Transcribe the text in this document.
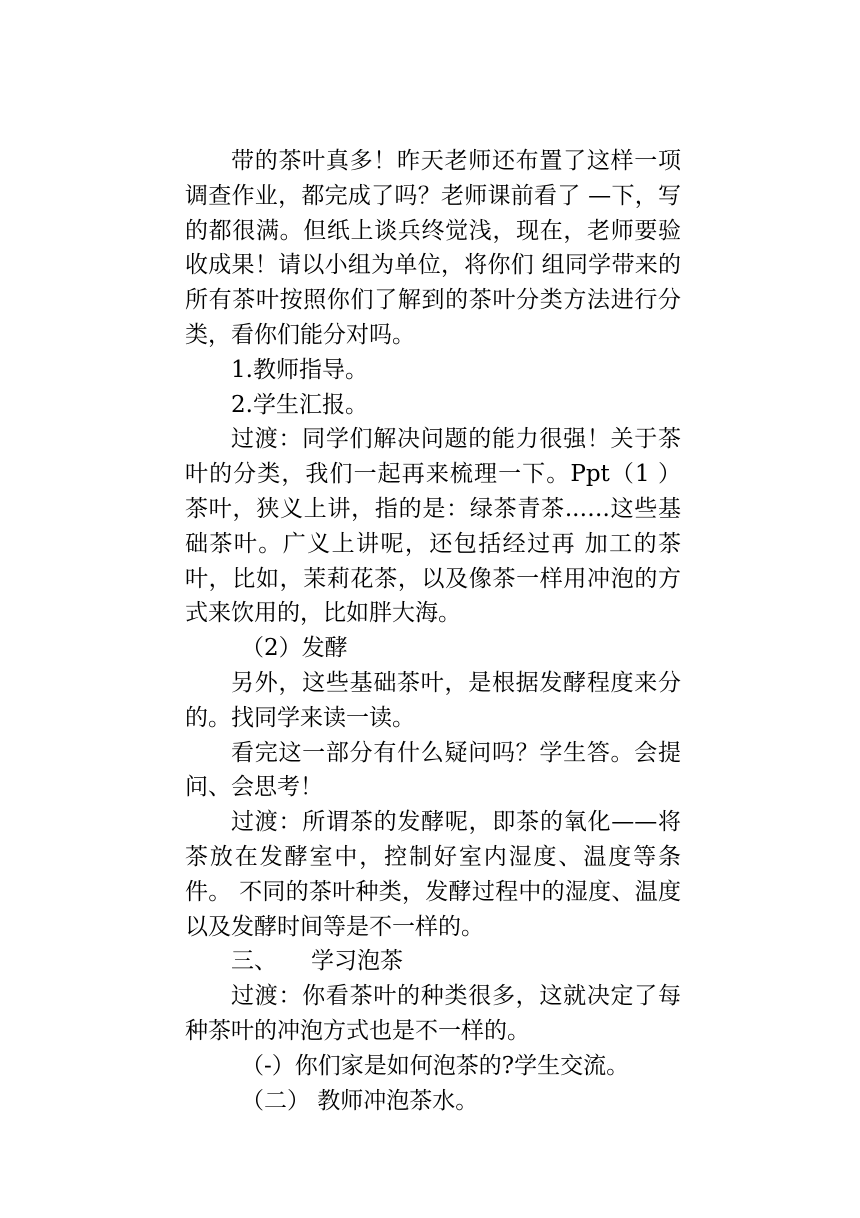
带的茶叶真多！昨天老师还布置了这样一项调查作业，都完成了吗？老师课前看了 —下，写的都很满。但纸上谈兵终觉浅，现在，老师要验收成果！请以小组为单位，将你们 组同学带来的所有茶叶按照你们了解到的茶叶分类方法进行分类，看你们能分对吗。

1.教师指导。

2.学生汇报。

过渡：同学们解决问题的能力很强！关于茶叶的分类，我们一起再来梳理一下。Ppt（1 ）茶叶，狭义上讲，指的是：绿茶青茶..….这些基础茶叶。广义上讲呢，还包括经过再 加工的茶叶，比如，茉莉花茶，以及像茶一样用冲泡的方式来饮用的，比如胖大海。

（2）发酵

另外，这些基础茶叶，是根据发酵程度来分的。找同学来读一读。

看完这一部分有什么疑问吗？学生答。会提问、会思考！

过渡：所谓茶的发酵呢，即茶的氧化——将茶放在发酵室中，控制好室内湿度、温度等条件。 不同的茶叶种类，发酵过程中的湿度、温度以及发酵时间等是不一样的。

三、 学习泡茶

过渡：你看茶叶的种类很多，这就决定了每种茶叶的冲泡方式也是不一样的。

（-）你们家是如何泡茶的?学生交流。

（二） 教师冲泡茶水。
